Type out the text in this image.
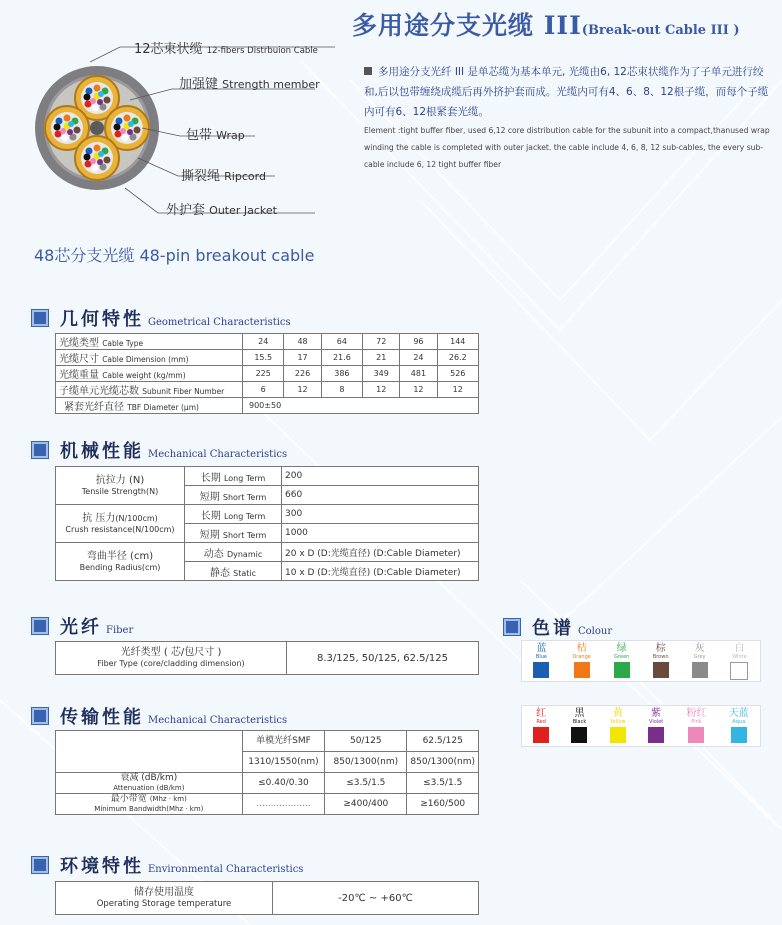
多用途分支光缆 III(Break-out Cable III )
多用途分支光纤 III 是单芯缆为基本单元, 光缆由6, 12芯束状缆作为了子单元进行绞和,后以包带缠绕成缆后再外挤护套而成。光缆内可有4、6、8、12根子缆，而每个子缆内可有6、12根紧套光缆。
Element :tight buffer fiber, used 6,12 core distribution cable for the subunit into a compact,thanused wrap winding the cable is completed with outer jacket. the cable include 4, 6, 8, 12 sub-cables, the every sub-cable include 6, 12 tight buffer fiber
12芯束状缆 12-fibers Distrbuion Cable
加强键 Strength member
包带 Wrap
撕裂绳 Ripcord
外护套 Outer Jacket
48芯分支光缆 48-pin breakout cable
几何特性 Geometrical Characteristics
光缆类型 Cable Type	24	48	64	72	96	144
光缆尺寸 Cable Dimension (mm)	15.5	17	21.6	21	24	26.2
光缆重量 Cable weight (kg/mm)	225	226	386	349	481	526
子缆单元光缆芯数 Subunit Fiber Number	6	12	8	12	12	12
紧套光纤直径 TBF Diameter (μm)	900±50					
机械性能 Mechanical Characteristics
抗拉力 (N)
Tensile Strength(N)	长期 Long Term	200
	短期 Short Term	660
抗 压力(N/100cm)
Crush resistance(N/100cm)	长期 Long Term	300
	短期 Short Term	1000
弯曲半径 (cm)
Bending Radius(cm)	动态 Dynamic	20 x D (D:光缆直径) (D:Cable Diameter)
	静态 Static	10 x D (D:光缆直径) (D:Cable Diameter)
光纤 Fiber
光纤类型 ( 芯/包尺寸 )
Fiber Type (core/cladding dimension)	8.3/125, 50/125, 62.5/125
色谱 Colour
蓝
Blue
桔
Orange
绿
Green
棕
Brown
灰
Grey
白
White
红
Red
黑
Black
黄
Yellow
紫
Violet
粉红
Pink
天蓝
Aqua
传输性能 Mechanical Characteristics
	单模光纤SMF	50/125	62.5/125
	1310/1550(nm)	850/1300(nm)	850/1300(nm)
衰减 (dB/km)
Attenuation (dB/km)	≤0.40/0.30	≤3.5/1.5	≤3.5/1.5
最小带宽 (Mhz · km)
Minimum Bandwidth(Mhz · km)	...................	≥400/400	≥160/500
环境特性 Environmental Characteristics
储存使用温度
Operating Storage temperature	-20℃ ~ +60℃
